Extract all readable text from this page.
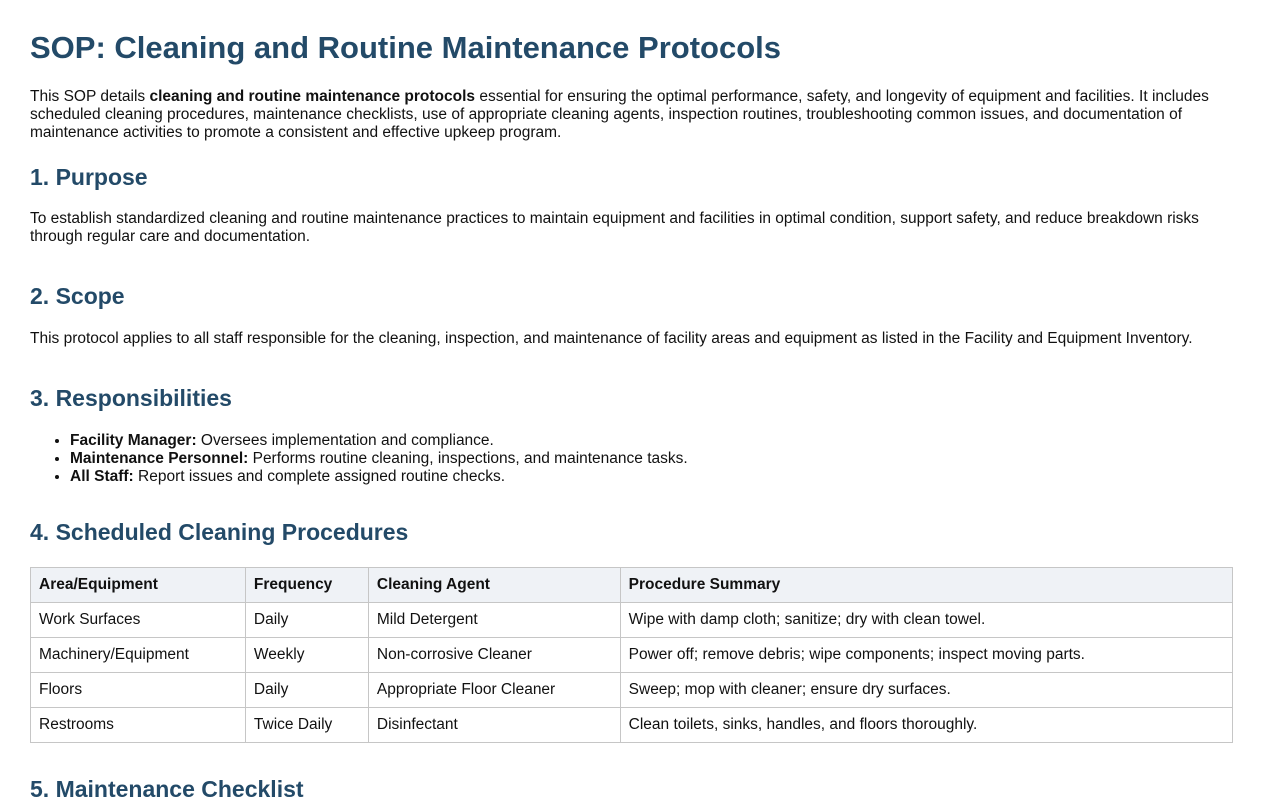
SOP: Cleaning and Routine Maintenance Protocols

This SOP details cleaning and routine maintenance protocols essential for ensuring the optimal performance, safety, and longevity of equipment and facilities. It includes scheduled cleaning procedures, maintenance checklists, use of appropriate cleaning agents, inspection routines, troubleshooting common issues, and documentation of maintenance activities to promote a consistent and effective upkeep program.

1. Purpose

To establish standardized cleaning and routine maintenance practices to maintain equipment and facilities in optimal condition, support safety, and reduce breakdown risks through regular care and documentation.

2. Scope

This protocol applies to all staff responsible for the cleaning, inspection, and maintenance of facility areas and equipment as listed in the Facility and Equipment Inventory.

3. Responsibilities
• Facility Manager: Oversees implementation and compliance.
• Maintenance Personnel: Performs routine cleaning, inspections, and maintenance tasks.
• All Staff: Report issues and complete assigned routine checks.
4. Scheduled Cleaning Procedures
Area/Equipment	Frequency	Cleaning Agent	Procedure Summary
Work Surfaces	Daily	Mild Detergent	Wipe with damp cloth; sanitize; dry with clean towel.
Machinery/Equipment	Weekly	Non-corrosive Cleaner	Power off; remove debris; wipe components; inspect moving parts.
Floors	Daily	Appropriate Floor Cleaner	Sweep; mop with cleaner; ensure dry surfaces.
Restrooms	Twice Daily	Disinfectant	Clean toilets, sinks, handles, and floors thoroughly.
5. Maintenance Checklist
